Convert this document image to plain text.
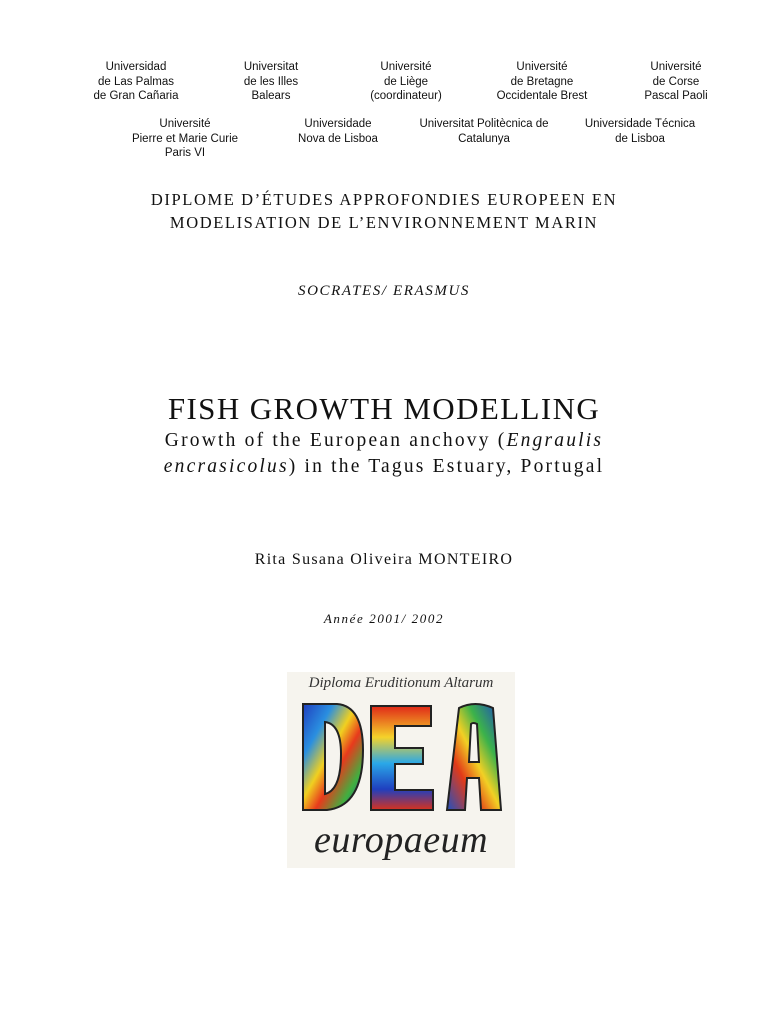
Universidad
de Las Palmas
de Gran Cañaria
Universitat
de les Illes
Balears
Université
de Liège
(coordinateur)
Université
de Bretagne
Occidentale Brest
Université
de Corse
Pascal Paoli
Université
Pierre et Marie Curie
Paris VI
Universidade
Nova de Lisboa
Universitat Politècnica de
Catalunya
Universidade Técnica
de Lisboa
DIPLOME D’ÉTUDES APPROFONDIES EUROPEEN EN
MODELISATION DE L’ENVIRONNEMENT MARIN
SOCRATES/ ERASMUS
FISH GROWTH MODELLING
Growth of the European anchovy (Engraulis
encrasicolus) in the Tagus Estuary, Portugal
Rita Susana Oliveira MONTEIRO
Année 2001/ 2002
Diploma Eruditionum Altarum
europaeum
